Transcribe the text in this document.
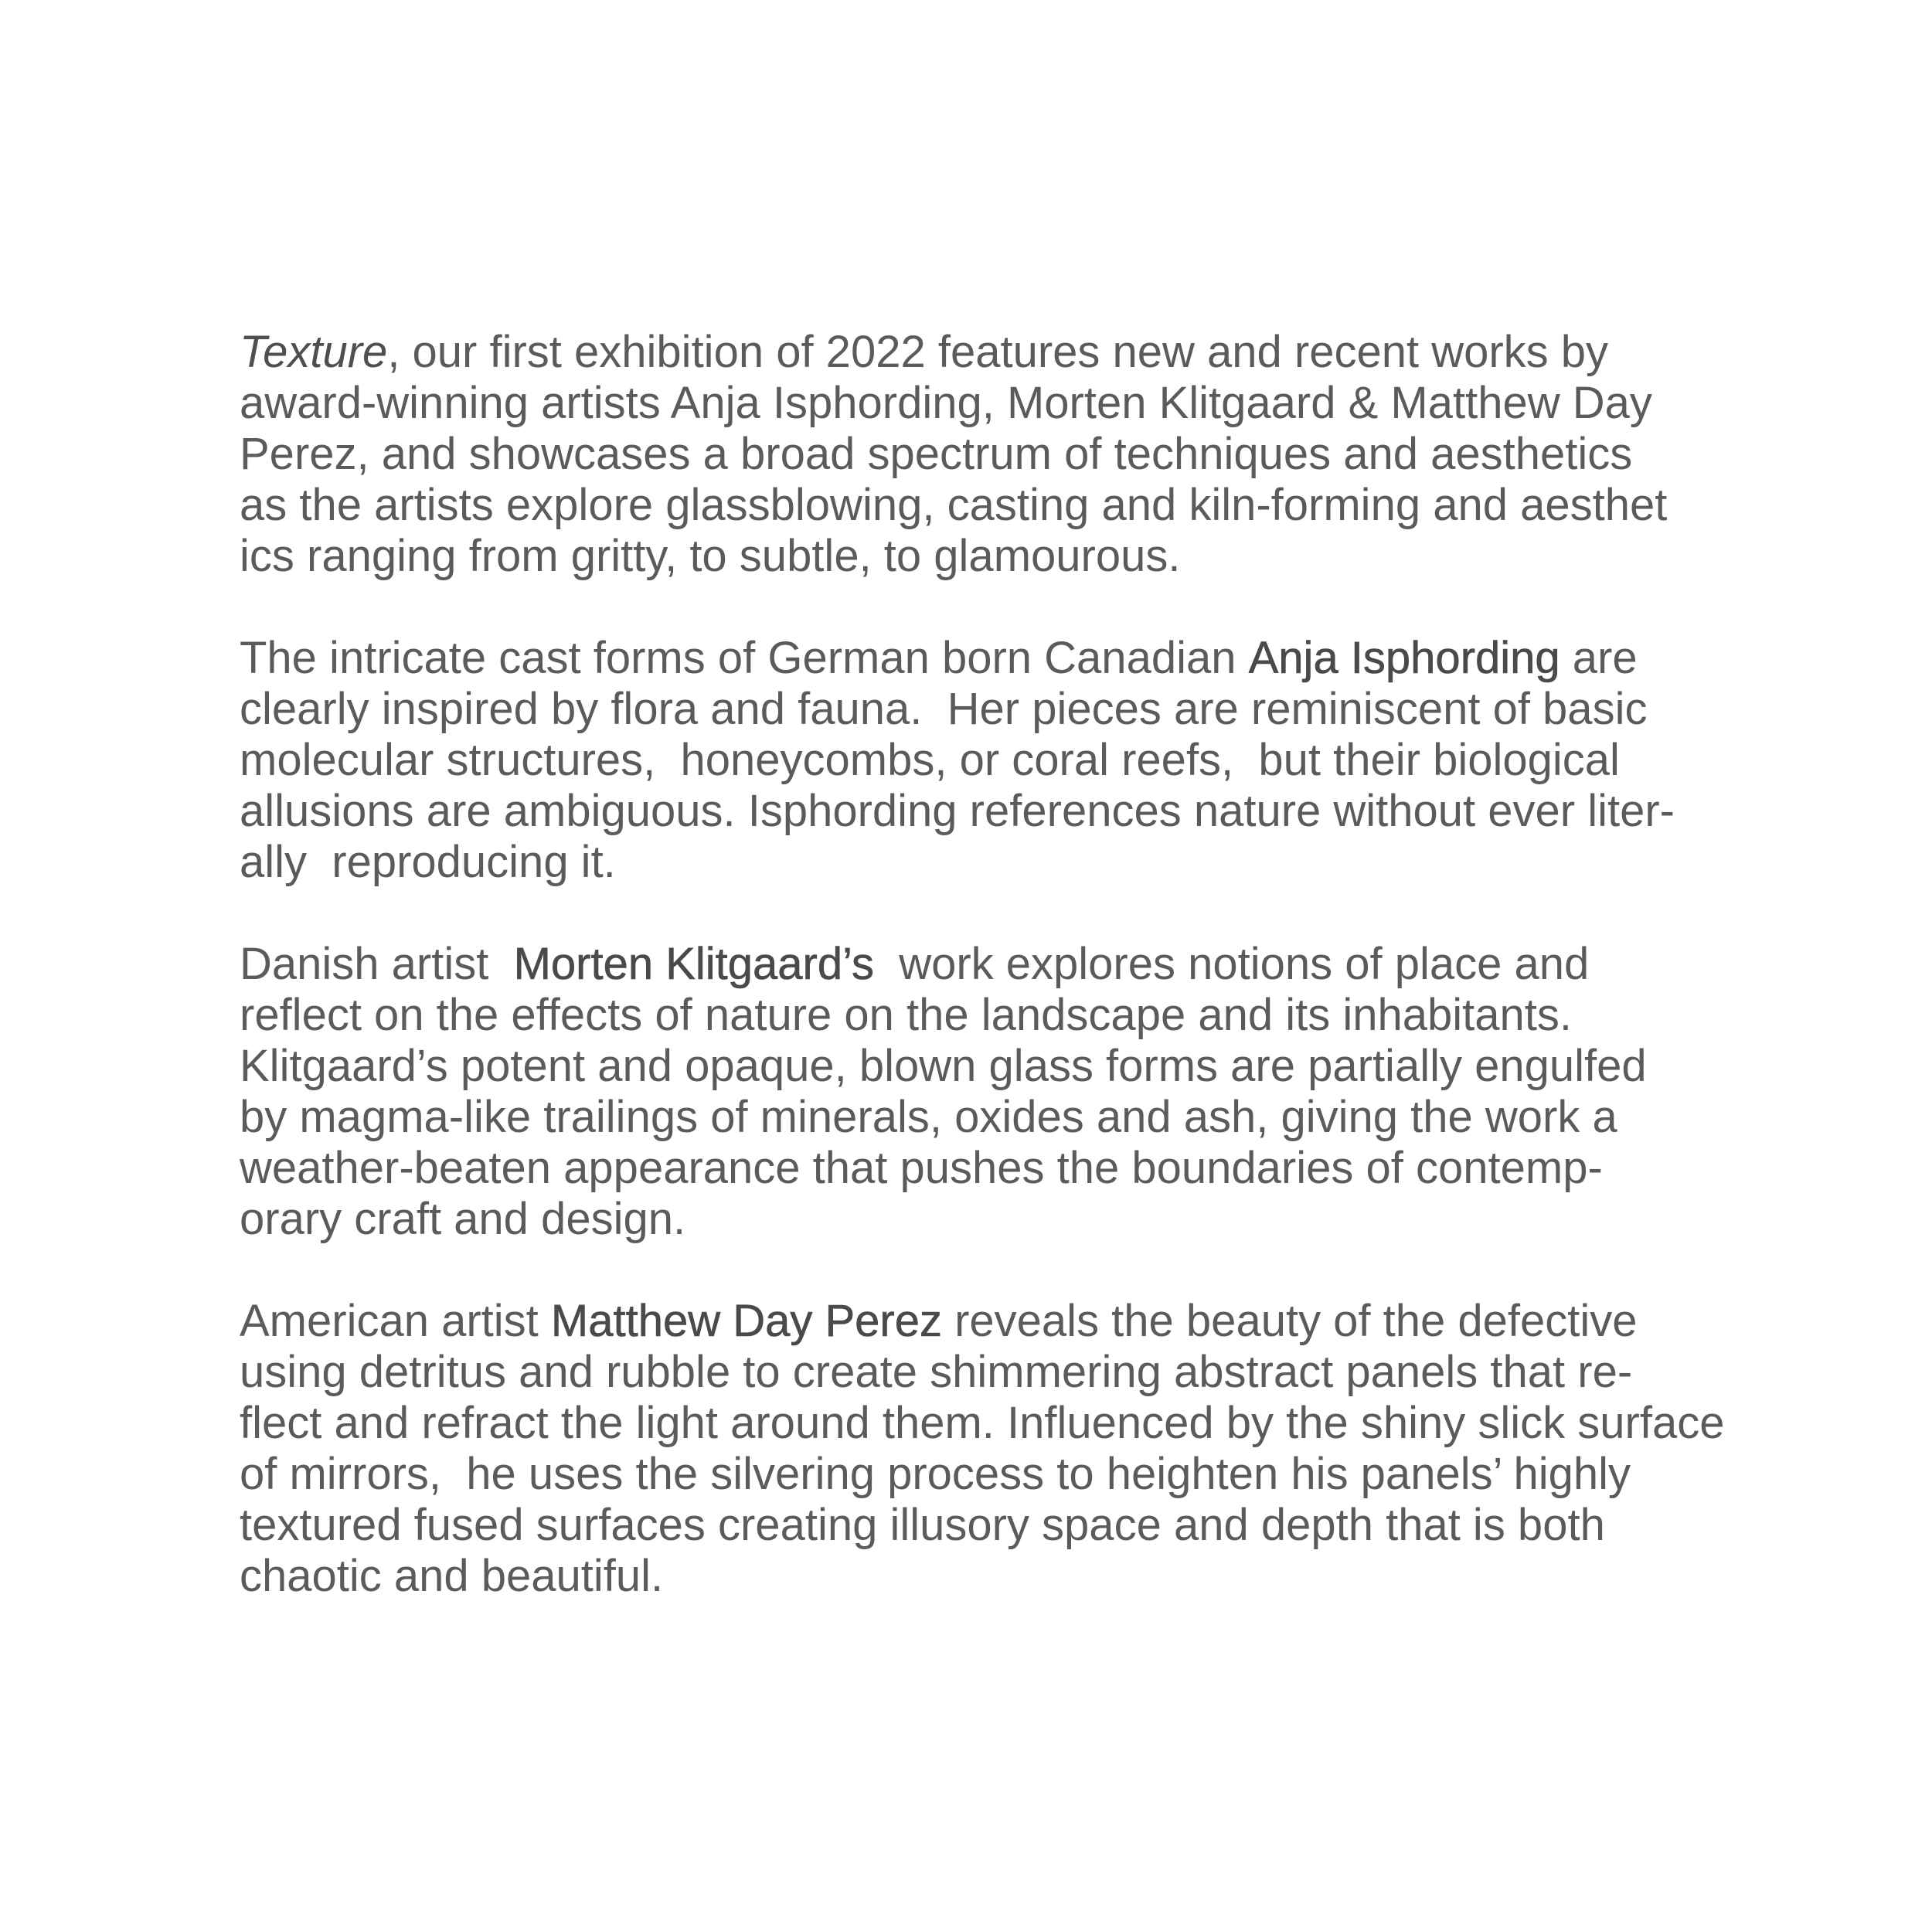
Texture, our first exhibition of 2022 features new and recent works by
award-winning artists Anja Isphording, Morten Klitgaard & Matthew Day
Perez, and showcases a broad spectrum of techniques and aesthetics
as the artists explore glassblowing, casting and kiln-forming and aesthet
ics ranging from gritty, to subtle, to glamourous.

The intricate cast forms of German born Canadian Anja Isphording are
clearly inspired by flora and fauna.  Her pieces are reminiscent of basic
molecular structures,  honeycombs, or coral reefs,  but their biological
allusions are ambiguous. Isphording references nature without ever liter-
ally  reproducing it.

Danish artist  Morten Klitgaard’s  work explores notions of place and
reflect on the effects of nature on the landscape and its inhabitants.
Klitgaard’s potent and opaque, blown glass forms are partially engulfed
by magma-like trailings of minerals, oxides and ash, giving the work a
weather-beaten appearance that pushes the boundaries of contemp-
orary craft and design.

American artist Matthew Day Perez reveals the beauty of the defective
using detritus and rubble to create shimmering abstract panels that re-
flect and refract the light around them. Influenced by the shiny slick surface
of mirrors,  he uses the silvering process to heighten his panels’ highly
textured fused surfaces creating illusory space and depth that is both
chaotic and beautiful.
